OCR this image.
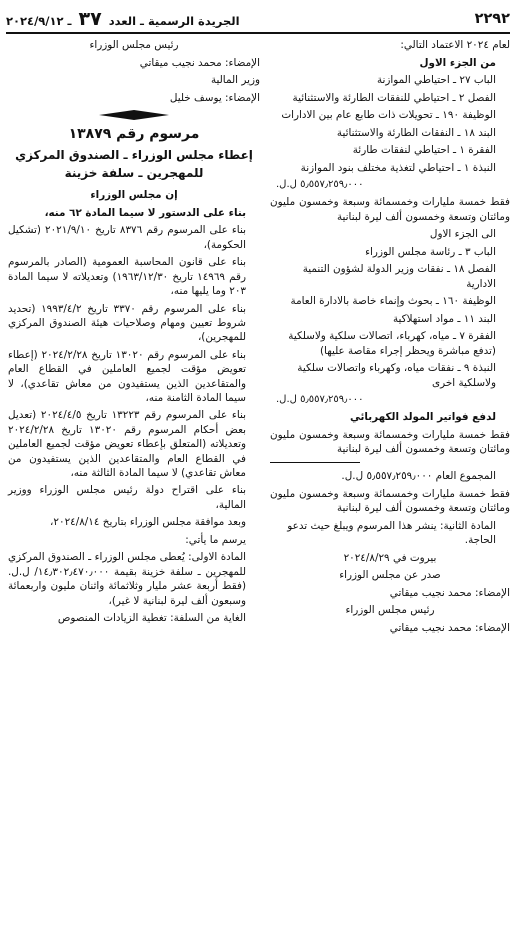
٢٢٩٢
الجريدة الرسمية ـ العدد ٣٧ ـ ٢٠٢٤/٩/١٢

لعام ٢٠٢٤ الاعتماد التالي:

من الجزء الاول

الباب ٢٧ ـ احتياطي الموازنة

الفصل ٢ ـ احتياطي للنفقات الطارئة والاستثنائية

الوظيفة ١٩٠ ـ تحويلات ذات طابع عام بين الادارات

البند ١٨ ـ النفقات الطارئة والاستثنائية

الفقرة ١ ـ احتياطي لنفقات طارئة

النبذة ١ ـ احتياطي لتغذية مختلف بنود الموازنة

٥٫٥٥٧٫٢٥٩٫٠٠٠ ل.ل.

فقط خمسة مليارات وخمسمائة وسبعة وخمسون مليون ومائتان وتسعة وخمسون ألف ليرة لبنانية

الى الجزء الاول

الباب ٣ ـ رئاسة مجلس الوزراء

الفصل ١٨ ـ نفقات وزير الدولة لشؤون التنمية الادارية

الوظيفة ١٦٠ ـ بحوث وإنماء خاصة بالادارة العامة

البند ١١ ـ مواد استهلاكية

الفقرة ٧ ـ مياه، كهرباء، اتصالات سلكية ولاسلكية (تدفع مباشرة ويحظر إجراء مقاصة عليها)

النبذة ٩ ـ نفقات مياه، وكهرباء واتصالات سلكية ولاسلكية اخرى

٥٫٥٥٧٫٢٥٩٫٠٠٠ ل.ل.

لدفع فواتير المولد الكهربائي

فقط خمسة مليارات وخمسمائة وسبعة وخمسون مليون ومائتان وتسعة وخمسون ألف ليرة لبنانية

المجموع العام ٥٫٥٥٧٫٢٥٩٫٠٠٠ ل.ل.

فقط خمسة مليارات وخمسمائة وسبعة وخمسون مليون ومائتان وتسعة وخمسون ألف ليرة لبنانية

المادة الثانية: ينشر هذا المرسوم ويبلغ حيث تدعو الحاجة.

بيروت في ٢٠٢٤/٨/٢٩

صدر عن مجلس الوزراء

الإمضاء: محمد نجيب ميقاتي

رئيس مجلس الوزراء

الإمضاء: محمد نجيب ميقاتي

رئيس مجلس الوزراء

الإمضاء: محمد نجيب ميقاتي

وزير المالية

الإمضاء: يوسف خليل

مرسوم رقم ١٣٨٧٩

إعطاء مجلس الوزراء ـ الصندوق المركزي للمهجرين ـ سلفة خزينة

إن مجلس الوزراء

بناء على الدستور لا سيما المادة ٦٢ منه،

بناء على المرسوم رقم ٨٣٧٦ تاريخ ٢٠٢١/٩/١٠ (تشكيل الحكومة)،

بناء على قانون المحاسبة العمومية (الصادر بالمرسوم رقم ١٤٩٦٩ تاريخ ١٩٦٣/١٢/٣٠) وتعديلاته لا سيما المادة ٢٠٣ وما يليها منه،

بناء على المرسوم رقم ٣٣٧٠ تاريخ ١٩٩٣/٤/٢ (تحديد شروط تعيين ومهام وصلاحيات هيئة الصندوق المركزي للمهجرين)،

بناء على المرسوم رقم ١٣٠٢٠ تاريخ ٢٠٢٤/٢/٢٨ (إعطاء تعويض مؤقت لجميع العاملين في القطاع العام والمتقاعدين الذين يستفيدون من معاش تقاعدي)، لا سيما المادة الثامنة منه،

بناء على المرسوم رقم ١٣٢٢٣ تاريخ ٢٠٢٤/٤/٥ (تعديل بعض أحكام المرسوم رقم ١٣٠٢٠ تاريخ ٢٠٢٤/٢/٢٨ وتعديلاته (المتعلق بإعطاء تعويض مؤقت لجميع العاملين في القطاع العام والمتقاعدين الذين يستفيدون من معاش تقاعدي) لا سيما المادة الثالثة منه،

بناء على اقتراح دولة رئيس مجلس الوزراء ووزير المالية،

وبعد موافقة مجلس الوزراء بتاريخ ٢٠٢٤/٨/١٤،

يرسم ما يأتي:

المادة الاولى: يُعطى مجلس الوزراء ـ الصندوق المركزي للمهجرين ـ سلفة خزينة بقيمة ١٤٫٣٠٢٫٤٧٠٫٠٠٠/ ل.ل. (فقط أربعة عشر مليار وثلاثمائة واثنان مليون واربعمائة وسبعون ألف ليرة لبنانية لا غير)،

الغاية من السلفة: تغطية الزيادات المنصوص
